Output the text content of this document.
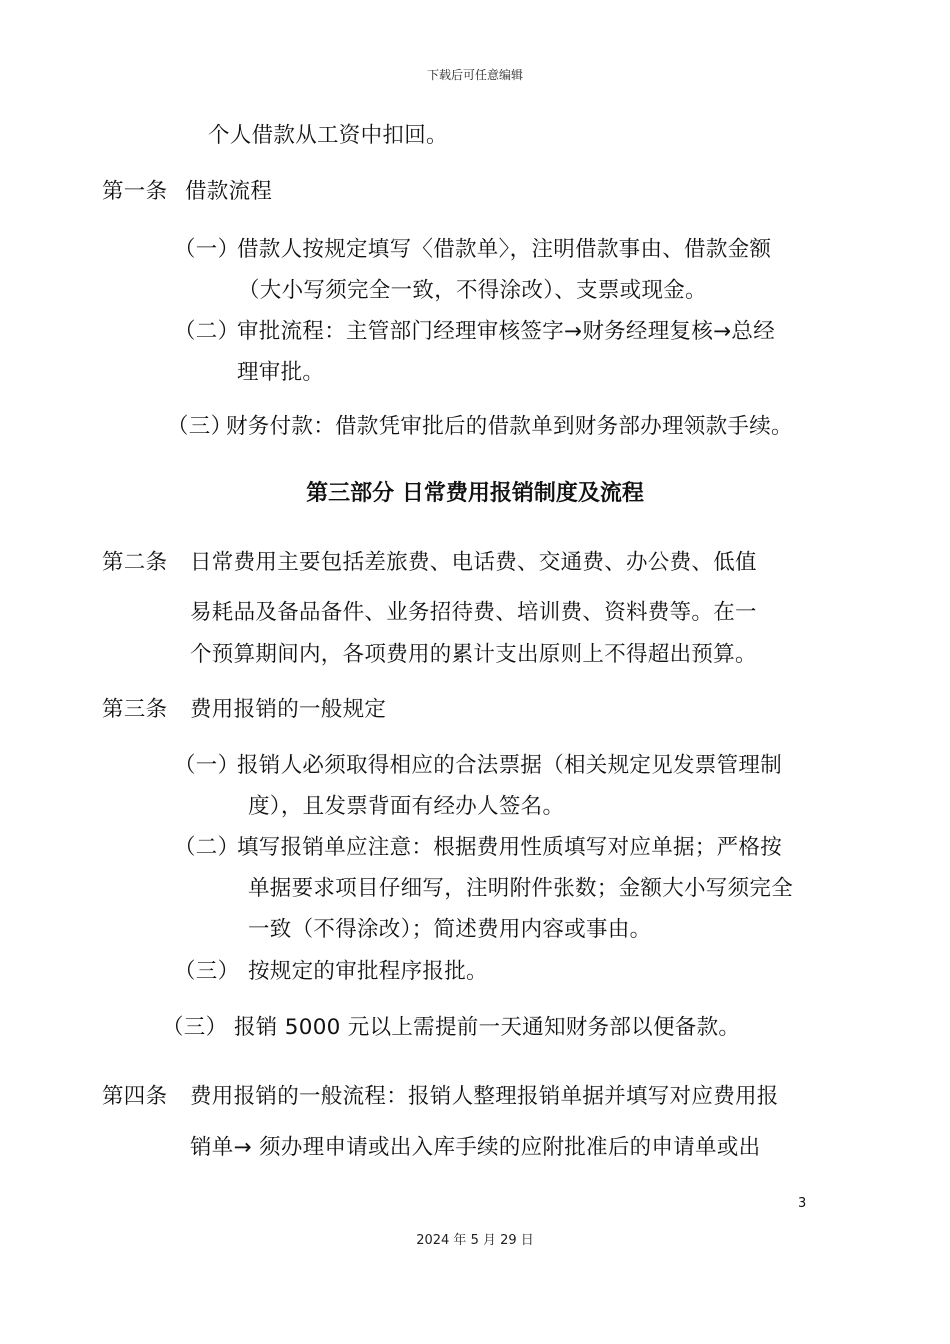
下载后可任意编辑
个人借款从工资中扣回。
第一条 借款流程
（一）
借款人按规定填写〈借款单〉，注明借款事由、借款金额
（大小写须完全一致，不得涂改）、支票或现金。
（二）
审批流程：主管部门经理审核签字→财务经理复核→总经
理审批。
（三）
财务付款：借款凭审批后的借款单到财务部办理领款手续。
第三部分 日常费用报销制度及流程
第二条 日常费用主要包括差旅费、电话费、交通费、办公费、低值
易耗品及备品备件、业务招待费、培训费、资料费等。在一
个预算期间内，各项费用的累计支出原则上不得超出预算。
第三条 费用报销的一般规定
（一）
报销人必须取得相应的合法票据（相关规定见发票管理制
度），且发票背面有经办人签名。
（二）
填写报销单应注意：根据费用性质填写对应单据；严格按
单据要求项目仔细写，注明附件张数；金额大小写须完全
一致（不得涂改）；简述费用内容或事由。
（三） 按规定的审批程序报批。
（三） 报销 5000 元以上需提前一天通知财务部以便备款。
第四条 费用报销的一般流程：报销人整理报销单据并填写对应费用报
销单→ 须办理申请或出入库手续的应附批准后的申请单或出
3
2024 年 5 月 29 日
